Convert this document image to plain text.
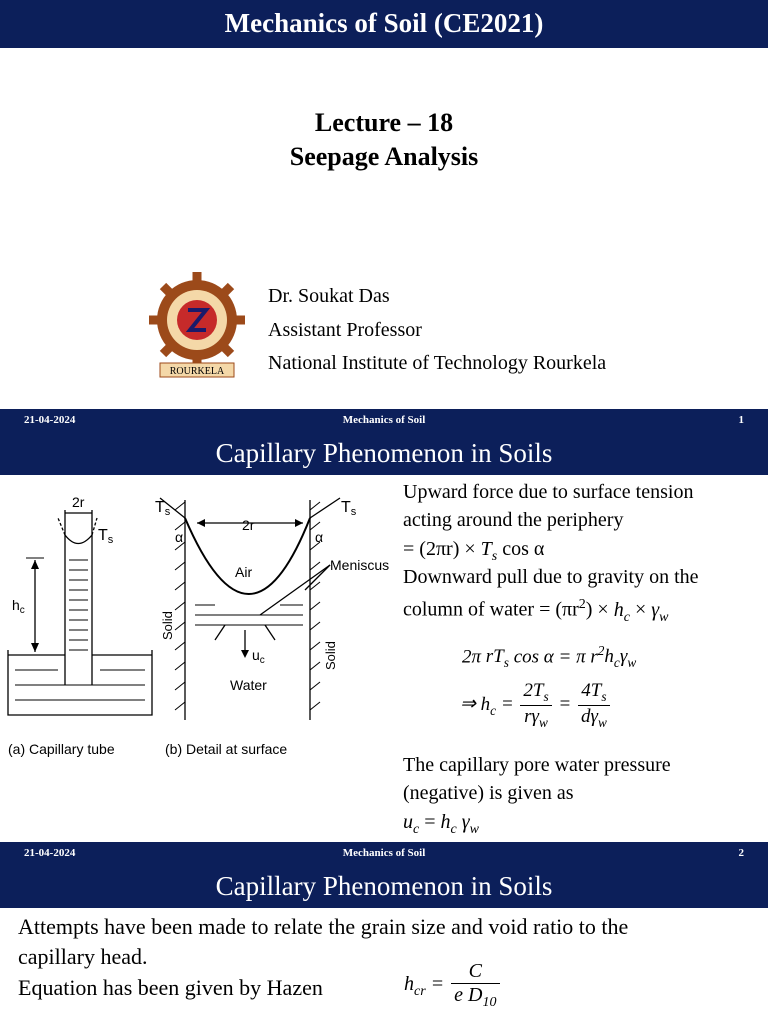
Mechanics of Soil (CE2021)
Lecture – 18
Seepage Analysis
ROURKELA
Dr. Soukat Das
Assistant Professor
National Institute of Technology Rourkela
21-04-2024	Mechanics of Soil	1
Capillary Phenomenon in Soils
2r
Ts
$h_c$
(a) Capillary tube
Ts	Ts
2r
α	α
Air	Meniscus
$u_c$
Water
Solid
Solid
(b) Detail at surface
Upward force due to surface tension
acting around the periphery
= $(2\pi r) \times T_s$ cos α
Downward pull due to gravity on the
column of water = $(\pi r^2) \times h_c \times \gamma_w$
2π $rT_s$ cos α = π $r^2h_c\gamma_w$
⇒ $h_c = \frac{2T_s}{r\gamma_w} = \frac{4T_s}{d\gamma_w}$
The capillary pore water pressure
(negative) is given as
$u_c = h_c$ $\gamma_w$
21-04-2024	Mechanics of Soil	2
Capillary Phenomenon in Soils
Attempts have been made to relate the grain size and void ratio to the
capillary head.
Equation has been given by Hazen	$h_{cr} = \frac{C}{e D_{10}}$
